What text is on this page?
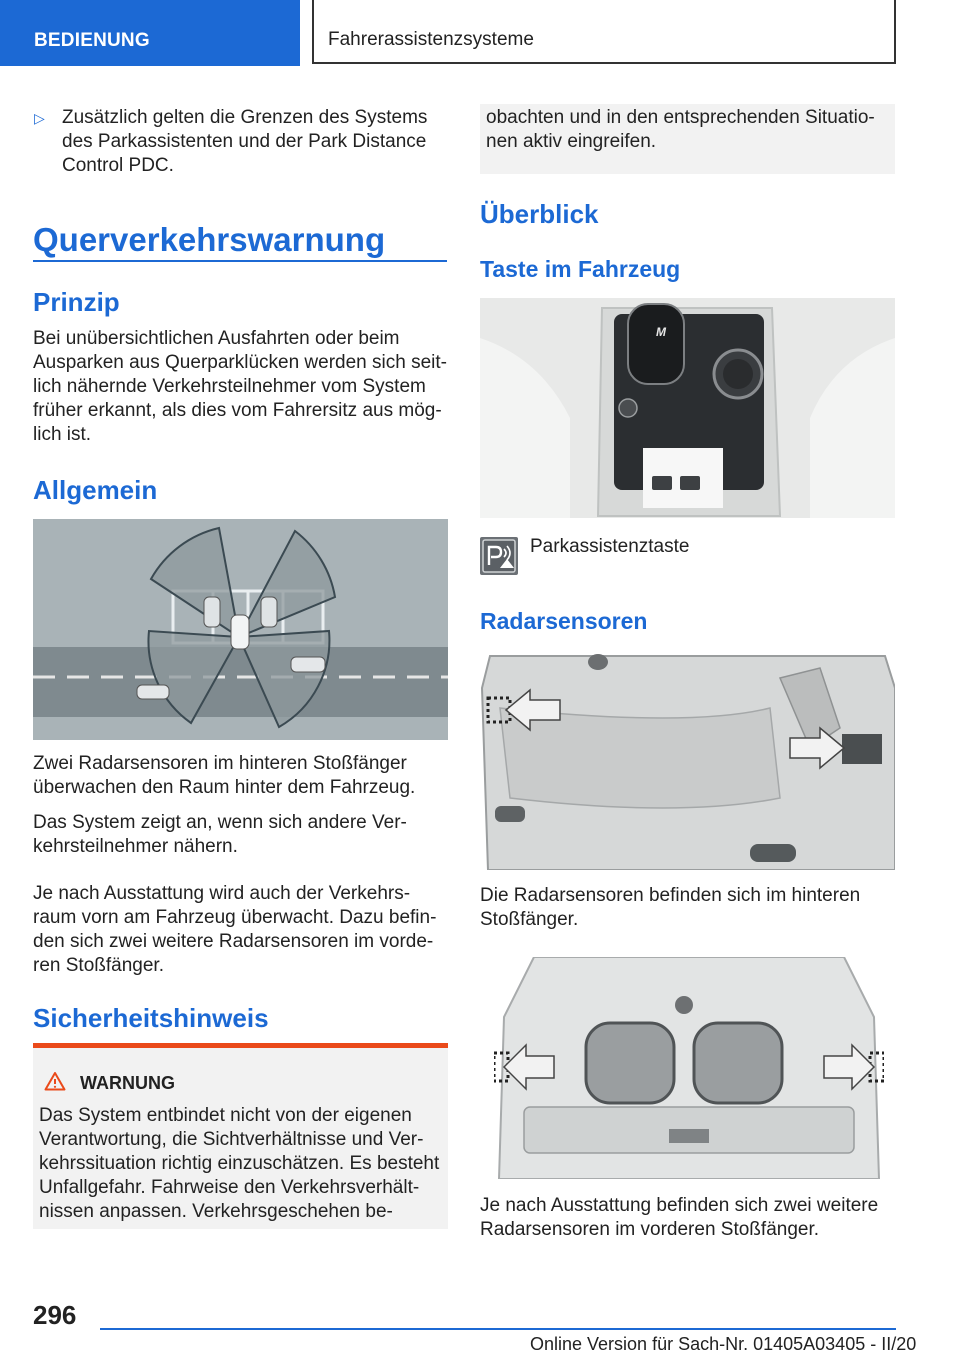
BEDIENUNG	Fahrerassistenzsysteme
▷ Zusätzlich gelten die Grenzen des Systems des Parkassistenten und der Park Distance Control PDC.
Querverkehrswarnung
Prinzip
Bei unübersichtlichen Ausfahrten oder beim Ausparken aus Querparklücken werden sich seit-lich nähernde Verkehrsteilnehmer vom System früher erkannt, als dies vom Fahrersitz aus mög-lich ist.
Allgemein
Zwei Radarsensoren im hinteren Stoßfänger überwachen den Raum hinter dem Fahrzeug.
Das System zeigt an, wenn sich andere Ver-kehrsteilnehmer nähern.
Je nach Ausstattung wird auch der Verkehrs-raum vorn am Fahrzeug überwacht. Dazu befin-den sich zwei weitere Radarsensoren im vorde-ren Stoßfänger.
Sicherheitshinweis
WARNUNG
Das System entbindet nicht von der eigenen Verantwortung, die Sichtverhältnisse und Ver-kehrssituation richtig einzuschätzen. Es besteht Unfallgefahr. Fahrweise den Verkehrsverhält-nissen anpassen. Verkehrsgeschehen be-
obachten und in den entsprechenden Situatio-nen aktiv eingreifen.
Überblick
Taste im Fahrzeug
M
Parkassistenztaste
Radarsensoren
Die Radarsensoren befinden sich im hinteren Stoßfänger.
Je nach Ausstattung befinden sich zwei weitere Radarsensoren im vorderen Stoßfänger.
296
Online Version für Sach-Nr. 01405A03405 - II/20
